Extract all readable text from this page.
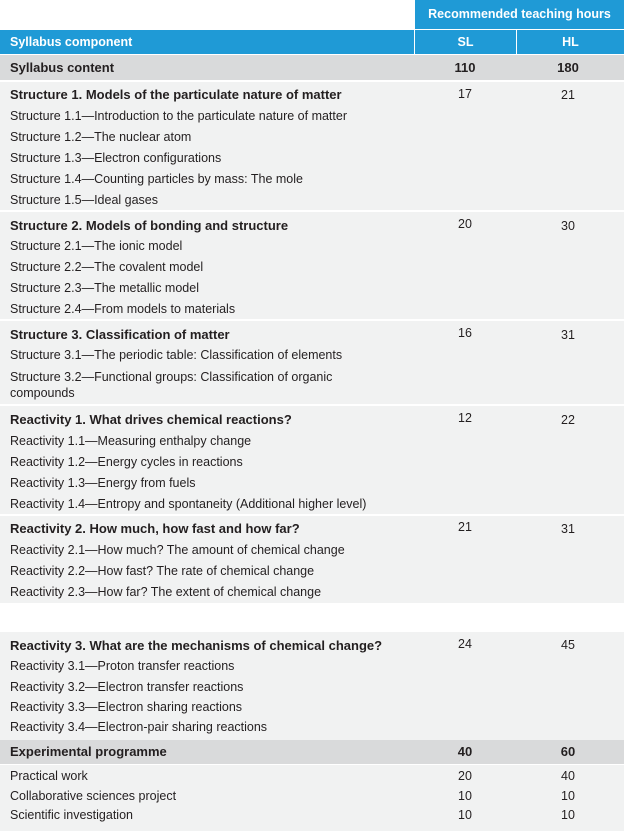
Recommended teaching hours
Syllabus component	SL	HL
Syllabus content	110	180
Structure 1. Models of the particulate nature of matter	17	21
Structure 1.1—Introduction to the particulate nature of matter
Structure 1.2—The nuclear atom
Structure 1.3—Electron configurations
Structure 1.4—Counting particles by mass: The mole
Structure 1.5—Ideal gases
Structure 2. Models of bonding and structure	20	30
Structure 2.1—The ionic model
Structure 2.2—The covalent model
Structure 2.3—The metallic model
Structure 2.4—From models to materials
Structure 3. Classification of matter	16	31
Structure 3.1—The periodic table: Classification of elements
Structure 3.2—Functional groups: Classification of organic
compounds
Reactivity 1. What drives chemical reactions?	12	22
Reactivity 1.1—Measuring enthalpy change
Reactivity 1.2—Energy cycles in reactions
Reactivity 1.3—Energy from fuels
Reactivity 1.4—Entropy and spontaneity (Additional higher level)
Reactivity 2. How much, how fast and how far?	21	31
Reactivity 2.1—How much? The amount of chemical change
Reactivity 2.2—How fast? The rate of chemical change
Reactivity 2.3—How far? The extent of chemical change
Reactivity 3. What are the mechanisms of chemical change?	24	45
Reactivity 3.1—Proton transfer reactions
Reactivity 3.2—Electron transfer reactions
Reactivity 3.3—Electron sharing reactions
Reactivity 3.4—Electron-pair sharing reactions
Experimental programme	40	60
Practical work	20	40
Collaborative sciences project	10	10
Scientific investigation	10	10
